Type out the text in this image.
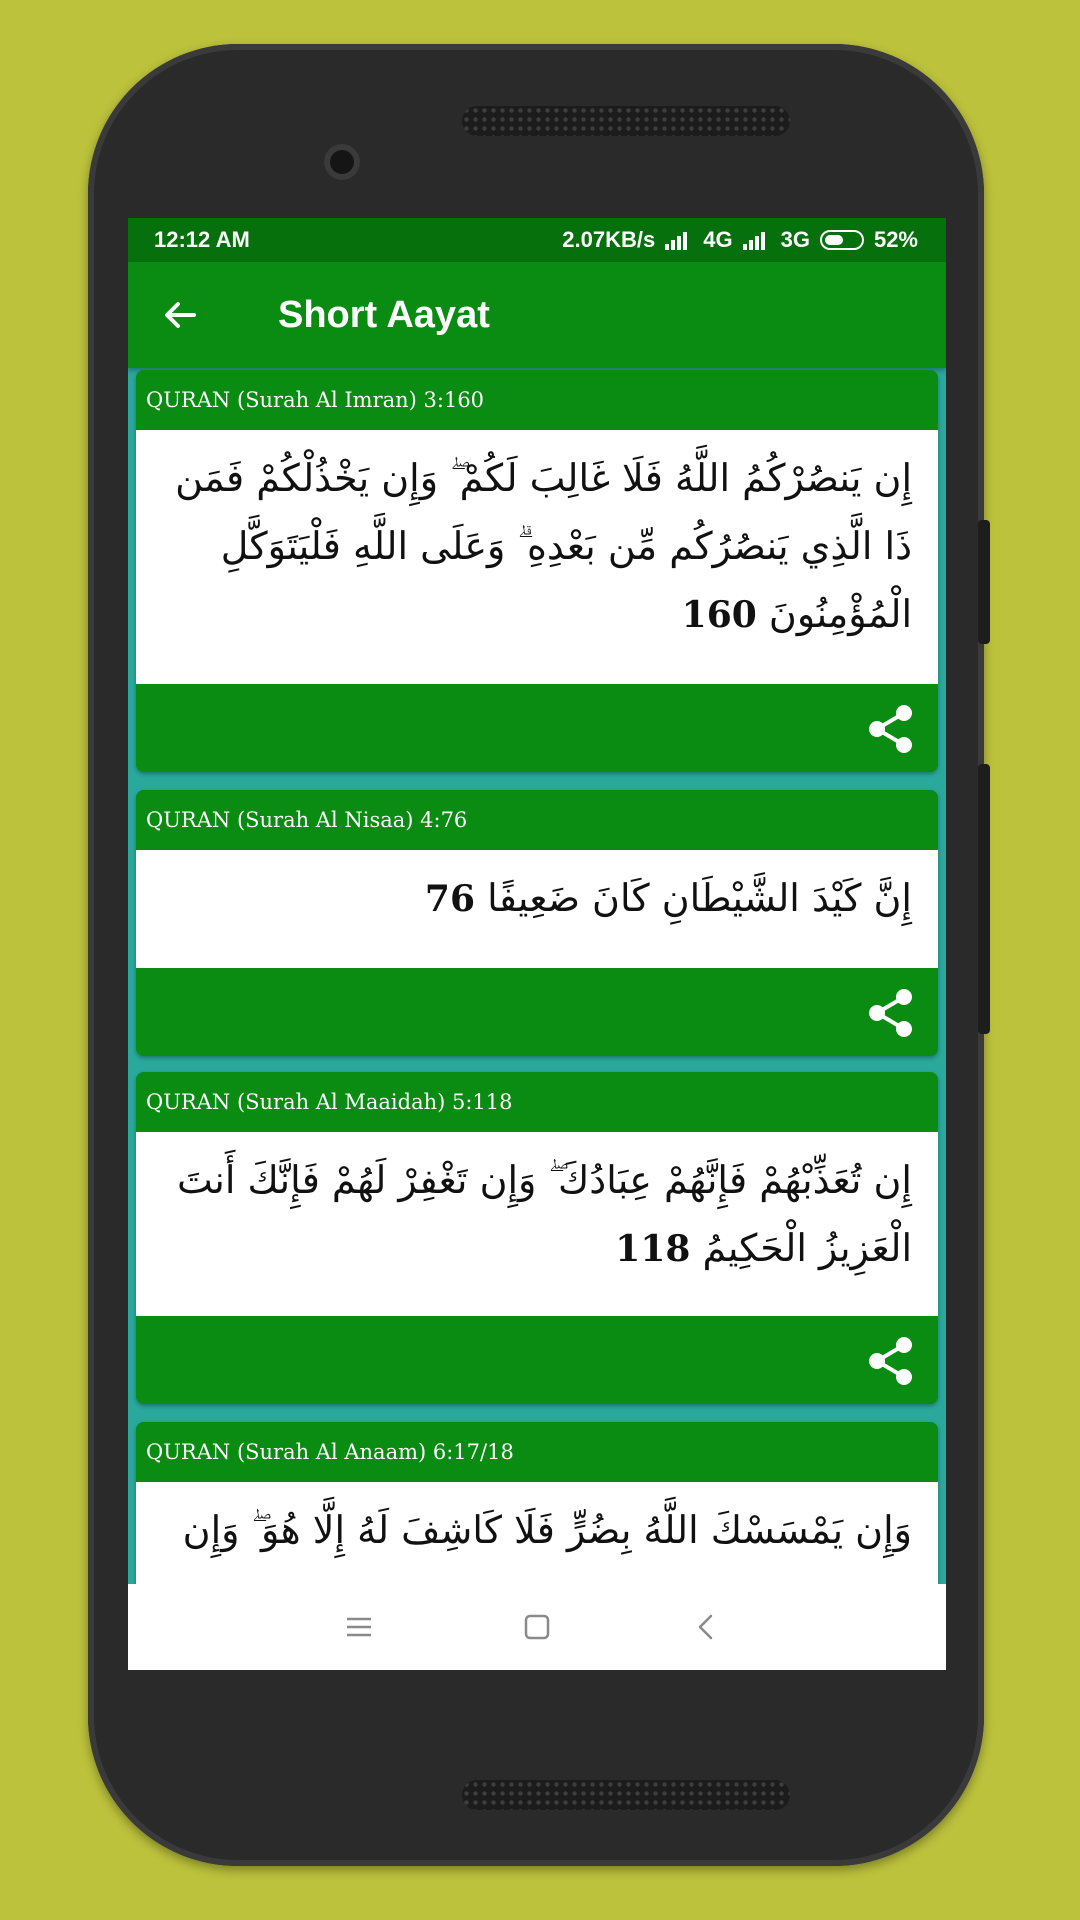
12:12 AM	2.07KB/s 4G 3G	52%
Short Aayat
QURAN (Surah Al Imran) 3:160
إِن يَنصُرْكُمُ اللَّهُ فَلَا غَالِبَ لَكُمْ ۖ وَإِن يَخْذُلْكُمْ فَمَن ذَا الَّذِي يَنصُرُكُم مِّن بَعْدِهِ ۗ وَعَلَى اللَّهِ فَلْيَتَوَكَّلِ الْمُؤْمِنُونَ 160
QURAN (Surah Al Nisaa) 4:76
إِنَّ كَيْدَ الشَّيْطَانِ كَانَ ضَعِيفًا 76
QURAN (Surah Al Maaidah) 5:118
إِن تُعَذِّبْهُمْ فَإِنَّهُمْ عِبَادُكَ ۖ وَإِن تَغْفِرْ لَهُمْ فَإِنَّكَ أَنتَ الْعَزِيزُ الْحَكِيمُ 118
QURAN (Surah Al Anaam) 6:17/18
وَإِن يَمْسَسْكَ اللَّهُ بِضُرٍّ فَلَا كَاشِفَ لَهُ إِلَّا هُوَ ۖ وَإِن
